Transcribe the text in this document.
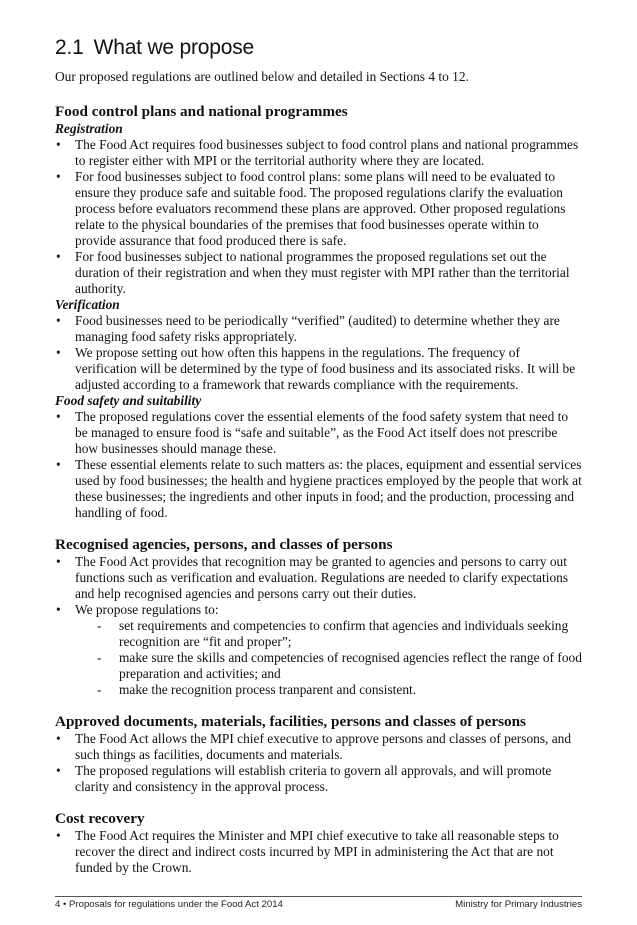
2.1 What we propose

Our proposed regulations are outlined below and detailed in Sections 4 to 12.

Food control plans and national programmes
Registration
• The Food Act requires food businesses subject to food control plans and national programmes to register either with MPI or the territorial authority where they are located.
• For food businesses subject to food control plans: some plans will need to be evaluated to ensure they produce safe and suitable food. The proposed regulations clarify the evaluation process before evaluators recommend these plans are approved. Other proposed regulations relate to the physical boundaries of the premises that food businesses operate within to provide assurance that food produced there is safe.
• For food businesses subject to national programmes the proposed regulations set out the duration of their registration and when they must register with MPI rather than the territorial authority.
Verification
• Food businesses need to be periodically “verified” (audited) to determine whether they are managing food safety risks appropriately.
• We propose setting out how often this happens in the regulations. The frequency of verification will be determined by the type of food business and its associated risks. It will be adjusted according to a framework that rewards compliance with the requirements.
Food safety and suitability
• The proposed regulations cover the essential elements of the food safety system that need to be managed to ensure food is “safe and suitable”, as the Food Act itself does not prescribe how businesses should manage these.
• These essential elements relate to such matters as: the places, equipment and essential services used by food businesses; the health and hygiene practices employed by the people that work at these businesses; the ingredients and other inputs in food; and the production, processing and handling of food.
Recognised agencies, persons, and classes of persons
• The Food Act provides that recognition may be granted to agencies and persons to carry out functions such as verification and evaluation. Regulations are needed to clarify expectations and help recognised agencies and persons carry out their duties.
• We propose regulations to:
- set requirements and competencies to confirm that agencies and individuals seeking recognition are “fit and proper”;
- make sure the skills and competencies of recognised agencies reflect the range of food preparation and activities; and
- make the recognition process tranparent and consistent.
Approved documents, materials, facilities, persons and classes of persons
• The Food Act allows the MPI chief executive to approve persons and classes of persons, and such things as facilities, documents and materials.
• The proposed regulations will establish criteria to govern all approvals, and will promote clarity and consistency in the approval process.
Cost recovery
• The Food Act requires the Minister and MPI chief executive to take all reasonable steps to recover the direct and indirect costs incurred by MPI in administering the Act that are not funded by the Crown.
4 • Proposals for regulations under the Food Act 2014	Ministry for Primary Industries
